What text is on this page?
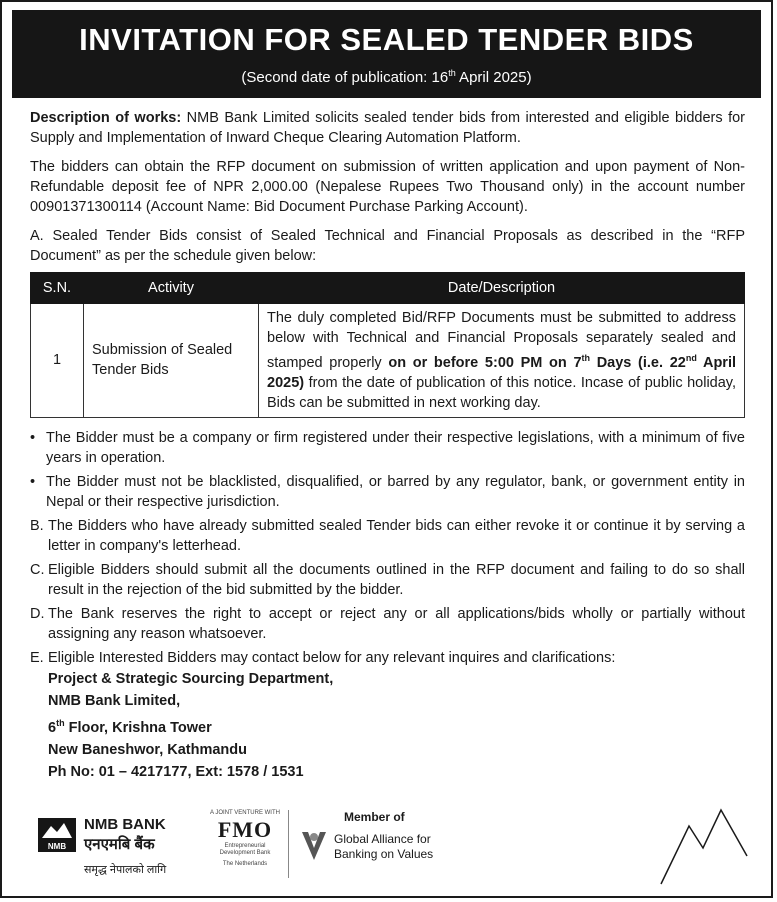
INVITATION FOR SEALED TENDER BIDS
(Second date of publication: 16th April 2025)

Description of works: NMB Bank Limited solicits sealed tender bids from interested and eligible bidders for Supply and Implementation of Inward Cheque Clearing Automation Platform.

The bidders can obtain the RFP document on submission of written application and upon payment of Non-Refundable deposit fee of NPR 2,000.00 (Nepalese Rupees Two Thousand only) in the account number 00901371300114 (Account Name: Bid Document Purchase Parking Account).

A. Sealed Tender Bids consist of Sealed Technical and Financial Proposals as described in the “RFP Document” as per the schedule given below:

S.N.	Activity	Date/Description
1	Submission of Sealed Tender Bids	The duly completed Bid/RFP Documents must be submitted to address below with Technical and Financial Proposals separately sealed and stamped properly on or before 5:00 PM on 7th Days (i.e. 22nd April 2025) from the date of publication of this notice. Incase of public holiday, Bids can be submitted in next working day.
• The Bidder must be a company or firm registered under their respective legislations, with a minimum of five years in operation.
• The Bidder must not be blacklisted, disqualified, or barred by any regulator, bank, or government entity in Nepal or their respective jurisdiction.
B. The Bidders who have already submitted sealed Tender bids can either revoke it or continue it by serving a letter in company's letterhead.
C. Eligible Bidders should submit all the documents outlined in the RFP document and failing to do so shall result in the rejection of the bid submitted by the bidder.
D. The Bank reserves the right to accept or reject any or all applications/bids wholly or partially without assigning any reason whatsoever.
E. Eligible Interested Bidders may contact below for any relevant inquires and clarifications:
Project & Strategic Sourcing Department,
NMB Bank Limited,
6th Floor, Krishna Tower
New Baneshwor, Kathmandu
Ph No: 01 – 4217177, Ext: 1578 / 1531
NMB
NMB BANK
एनएमबि बैंक
समृद्ध नेपालको लागि
A JOINT VENTURE WITH
FMO
Entrepreneurial Development Bank
The Netherlands
Member of
Global Alliance for Banking on Values
